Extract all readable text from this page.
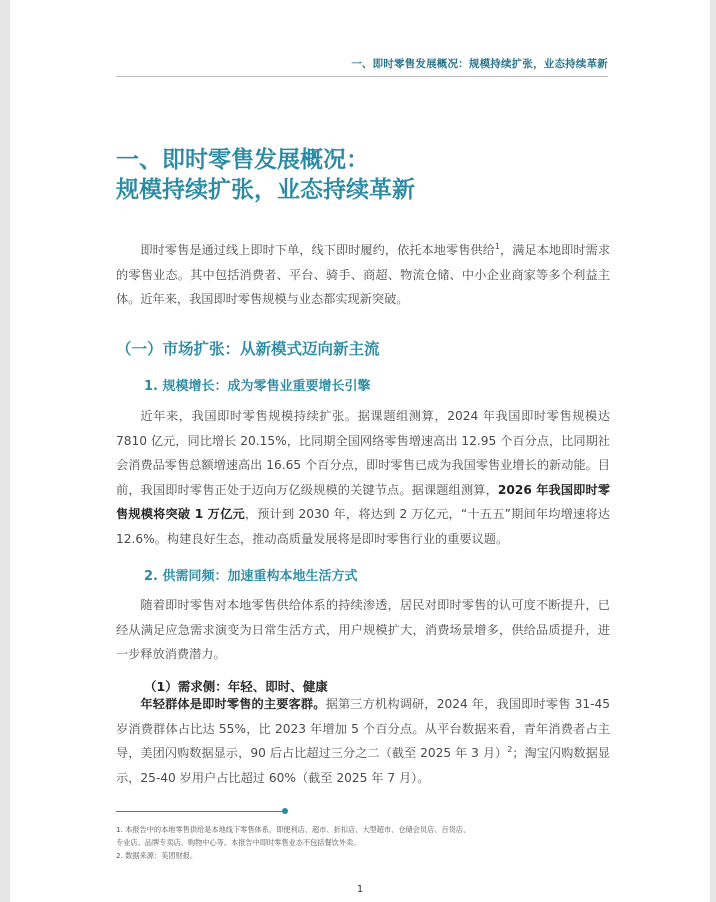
一、即时零售发展概况：规模持续扩张，业态持续革新
一、即时零售发展概况：
规模持续扩张，业态持续革新

即时零售是通过线上即时下单，线下即时履约，依托本地零售供给$^1$，满足本地即时需求的零售业态。其中包括消费者、平台、骑手、商超、物流仓储、中小企业商家等多个利益主体。近年来，我国即时零售规模与业态都实现新突破。

（一）市场扩张：从新模式迈向新主流
1. 规模增长：成为零售业重要增长引擎

近年来，我国即时零售规模持续扩张。据课题组测算，2024 年我国即时零售规模达 7810 亿元，同比增长 20.15%，比同期全国网络零售增速高出 12.95 个百分点，比同期社会消费品零售总额增速高出 16.65 个百分点，即时零售已成为我国零售业增长的新动能。目前，我国即时零售正处于迈向万亿级规模的关键节点。据课题组测算，2026 年我国即时零售规模将突破 1 万亿元，预计到 2030 年，将达到 2 万亿元，“十五五”期间年均增速将达 12.6%。构建良好生态，推动高质量发展将是即时零售行业的重要议题。

2. 供需同频：加速重构本地生活方式

随着即时零售对本地零售供给体系的持续渗透，居民对即时零售的认可度不断提升，已经从满足应急需求演变为日常生活方式，用户规模扩大，消费场景增多，供给品质提升，进一步释放消费潜力。

（1）需求侧：年轻、即时、健康

年轻群体是即时零售的主要客群。据第三方机构调研，2024 年，我国即时零售 31-45 岁消费群体占比达 55%，比 2023 年增加 5 个百分点。从平台数据来看，青年消费者占主导，美团闪购数据显示，90 后占比超过三分之二（截至 2025 年 3 月）$^2$；淘宝闪购数据显示，25-40 岁用户占比超过 60%（截至 2025 年 7 月）。

1. 本报告中的本地零售供给是本地线下零售体系，即便利店、超市、折扣店、大型超市、仓储会员店、百货店、

专业店、品牌专卖店、购物中心等。本报告中即时零售业态不包括餐饮外卖。

2. 数据来源：美团财报。

1
